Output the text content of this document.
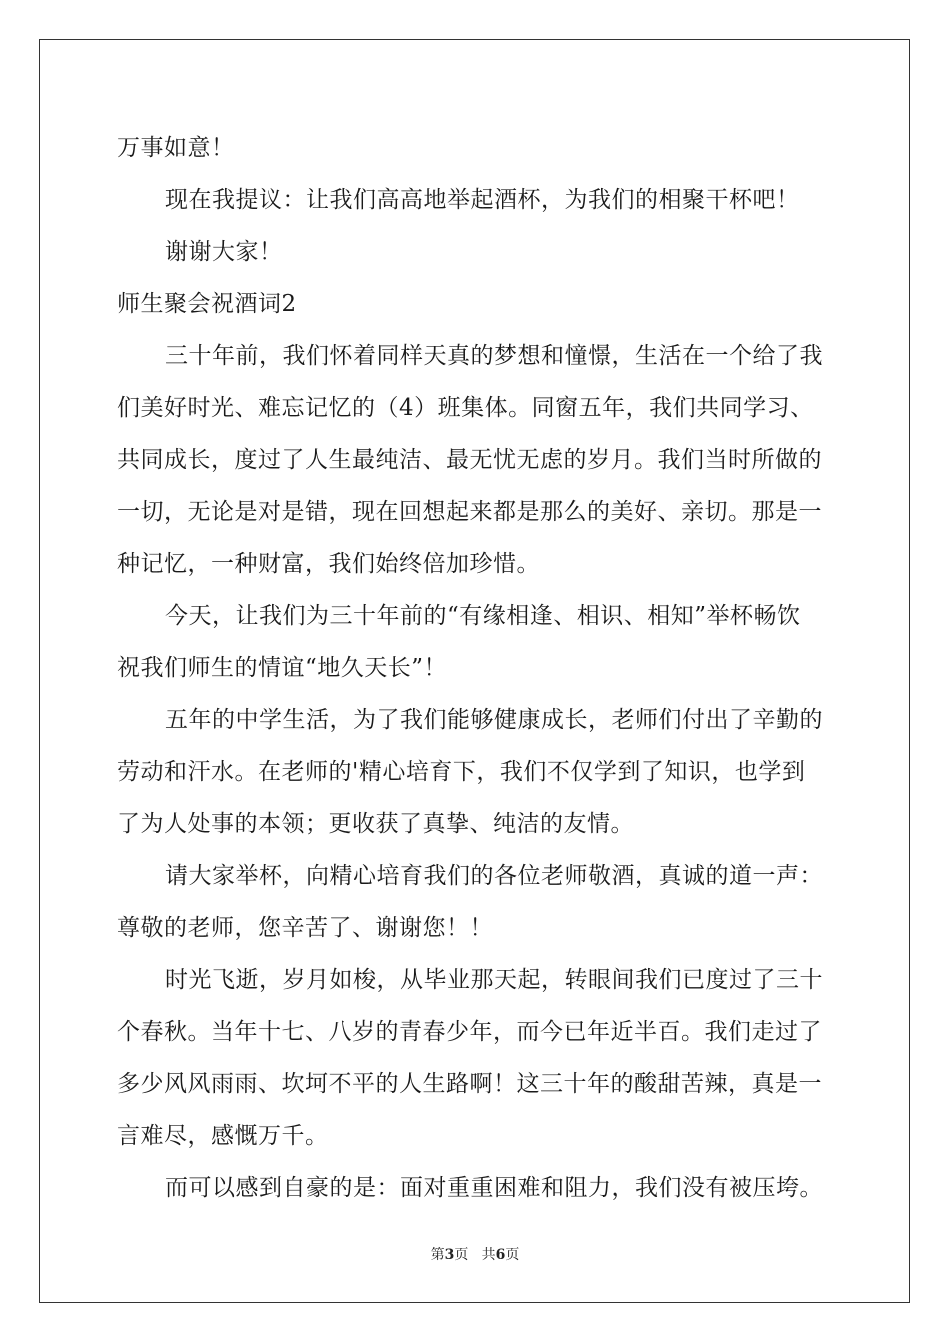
万事如意！
现在我提议：让我们高高地举起酒杯，为我们的相聚干杯吧！
谢谢大家！
师生聚会祝酒词2
三十年前，我们怀着同样天真的梦想和憧憬，生活在一个给了我
们美好时光、难忘记忆的（4）班集体。同窗五年，我们共同学习、
共同成长，度过了人生最纯洁、最无忧无虑的岁月。我们当时所做的
一切，无论是对是错，现在回想起来都是那么的美好、亲切。那是一
种记忆，一种财富，我们始终倍加珍惜。
今天，让我们为三十年前的“有缘相逢、相识、相知”举杯畅饮
祝我们师生的情谊“地久天长”！
五年的中学生活，为了我们能够健康成长，老师们付出了辛勤的
劳动和汗水。在老师的'精心培育下，我们不仅学到了知识，也学到
了为人处事的本领；更收获了真挚、纯洁的友情。
请大家举杯，向精心培育我们的各位老师敬酒，真诚的道一声：
尊敬的老师，您辛苦了、谢谢您！！
时光飞逝，岁月如梭，从毕业那天起，转眼间我们已度过了三十
个春秋。当年十七、八岁的青春少年，而今已年近半百。我们走过了
多少风风雨雨、坎坷不平的人生路啊！这三十年的酸甜苦辣，真是一
言难尽，感慨万千。
而可以感到自豪的是：面对重重困难和阻力，我们没有被压垮。
第3页 共6页
